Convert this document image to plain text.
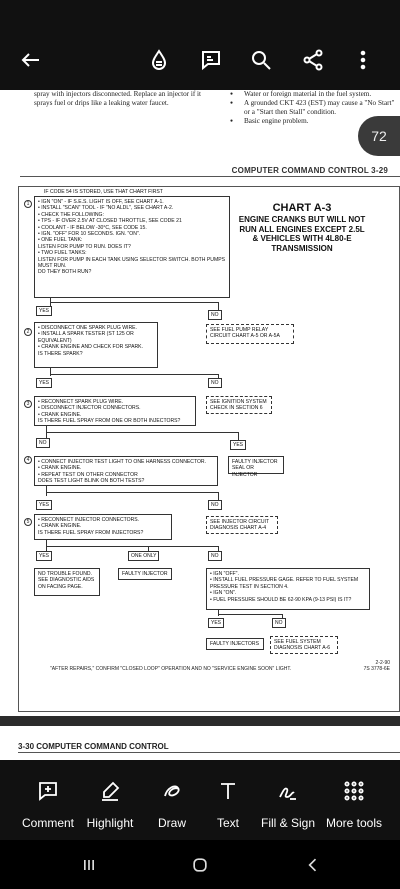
spray with injectors disconnected. Replace an injector if it sprays fuel or drips like a leaking water faucet.
● Water or foreign material in the fuel system.
● A grounded CKT 423 (EST) may cause a "No Start" or a "Start then Stall" condition.
● Basic engine problem.
COMPUTER COMMAND CONTROL 3-29
CHART A-3
ENGINE CRANKS BUT WILL NOT RUN ALL ENGINES EXCEPT 2.5L & VEHICLES WITH 4L80-E TRANSMISSION
IF CODE 54 IS STORED, USE THAT CHART FIRST
1	• IGN "ON" - IF S.E.S. LIGHT IS OFF, SEE CHART A-1.
• INSTALL "SCAN" TOOL - IF "NO ALDL", SEE CHART A-2.
• CHECK THE FOLLOWING:
• TPS - IF OVER 2.5V AT CLOSED THROTTLE, SEE CODE 21
• COOLANT - IF BELOW -30°C, SEE CODE 15.
• IGN. "OFF" FOR 10 SECONDS. IGN. "ON".
• ONE FUEL TANK:
LISTEN FOR PUMP TO RUN. DOES IT?
• TWO FUEL TANKS:
LISTEN FOR PUMP IN EACH TANK USING SELECTOR SWITCH. BOTH PUMPS MUST RUN.
DO THEY BOTH RUN?
YES
NO
SEE FUEL PUMP RELAY CIRCUIT CHART A-5 OR A-5A
2
• DISCONNECT ONE SPARK PLUG WIRE.
• INSTALL A SPARK TESTER (ST 125 OR EQUIVALENT)
• CRANK ENGINE AND CHECK FOR SPARK.
IS THERE SPARK?
YES	NO
SEE IGNITION SYSTEM CHECK IN SECTION 6
3	• RECONNECT SPARK PLUG WIRE.
• DISCONNECT INJECTOR CONNECTORS.
• CRANK ENGINE.
IS THERE FUEL SPRAY FROM ONE OR BOTH INJECTORS?
NO	YES
FAULTY INJECTOR SEAL OR INJECTOR
4	• CONNECT INJECTOR TEST LIGHT TO ONE HARNESS CONNECTOR.
• CRANK ENGINE.
• REPEAT TEST ON OTHER CONNECTOR
DOES TEST LIGHT BLINK ON BOTH TESTS?
YES	NO
SEE INJECTOR CIRCUIT DIAGNOSIS CHART A-4
5	• RECONNECT INJECTOR CONNECTORS.
• CRANK ENGINE.
IS THERE FUEL SPRAY FROM INJECTORS?
YES	ONE ONLY	NO
NO TROUBLE FOUND. SEE DIAGNOSTIC AIDS ON FACING PAGE.
FAULTY INJECTOR	• IGN "OFF".
• INSTALL FUEL PRESSURE GAGE. REFER TO FUEL SYSTEM PRESSURE TEST IN SECTION 4.
• IGN "ON".
• FUEL PRESSURE SHOULD BE 62-90 KPA (9-13 PSI) IS IT?
YES	NO
FAULTY INJECTORS	SEE FUEL SYSTEM DIAGNOSIS CHART A-6
"AFTER REPAIRS," CONFIRM "CLOSED LOOP" OPERATION AND NO "SERVICE ENGINE SOON" LIGHT.
2-2-90
7S 3778-6E
3-30 COMPUTER COMMAND CONTROL
72
Comment Highlight Draw	Text Fill & Sign More tools
